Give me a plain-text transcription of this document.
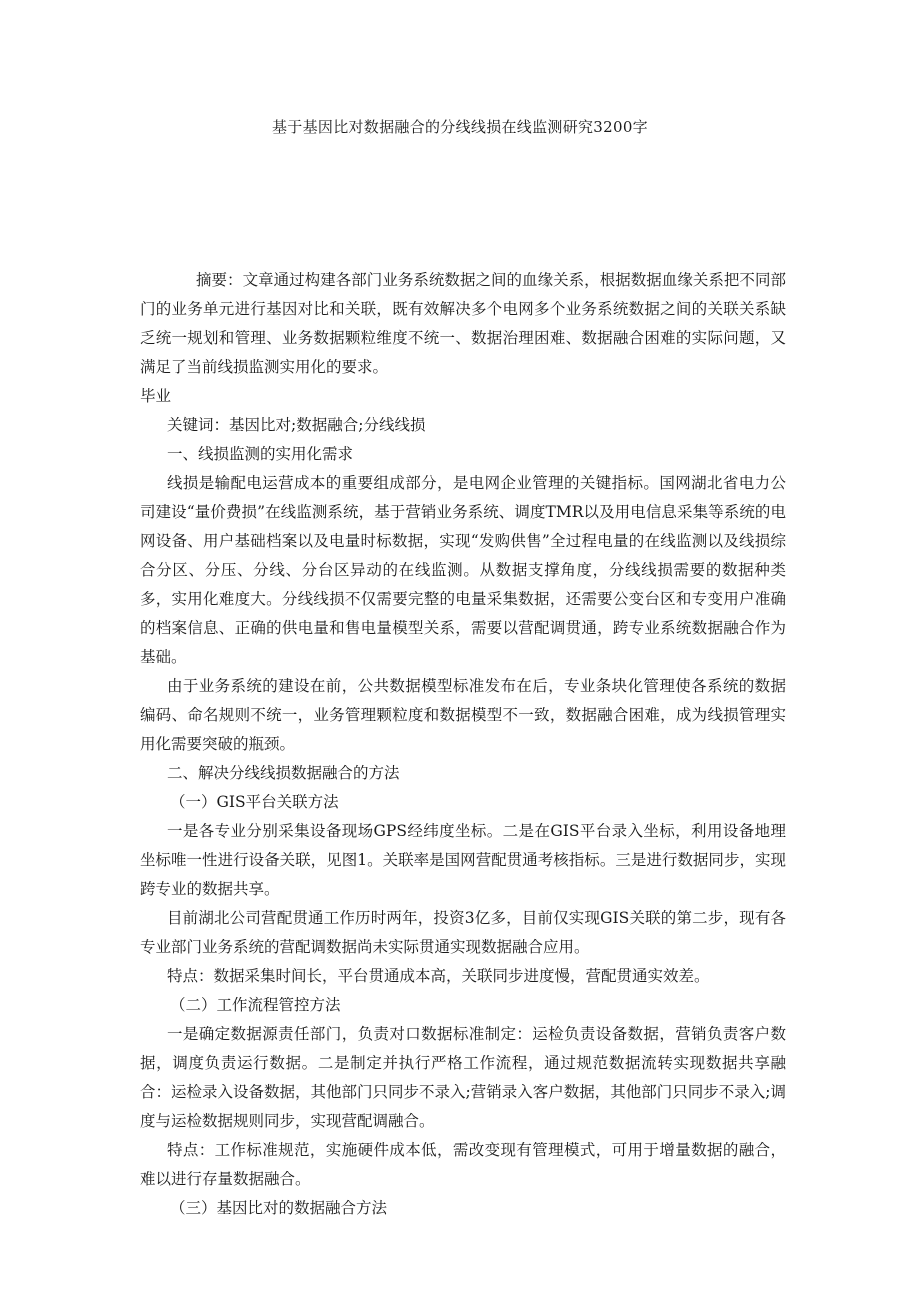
基于基因比对数据融合的分线线损在线监测研究3200字

摘要：文章通过构建各部门业务系统数据之间的血缘关系，根据数据血缘关系把不同部门的业务单元进行基因对比和关联，既有效解决多个电网多个业务系统数据之间的关联关系缺乏统一规划和管理、业务数据颗粒维度不统一、数据治理困难、数据融合困难的实际问题，又满足了当前线损监测实用化的要求。

毕业

关键词：基因比对;数据融合;分线线损

一、线损监测的实用化需求

线损是输配电运营成本的重要组成部分，是电网企业管理的关键指标。国网湖北省电力公司建设“量价费损”在线监测系统，基于营销业务系统、调度TMR以及用电信息采集等系统的电网设备、用户基础档案以及电量时标数据，实现“发购供售”全过程电量的在线监测以及线损综合分区、分压、分线、分台区异动的在线监测。从数据支撑角度，分线线损需要的数据种类多，实用化难度大。分线线损不仅需要完整的电量采集数据，还需要公变台区和专变用户准确的档案信息、正确的供电量和售电量模型关系，需要以营配调贯通，跨专业系统数据融合作为基础。

由于业务系统的建设在前，公共数据模型标准发布在后，专业条块化管理使各系统的数据编码、命名规则不统一，业务管理颗粒度和数据模型不一致，数据融合困难，成为线损管理实用化需要突破的瓶颈。

二、解决分线线损数据融合的方法

（一）GIS平台关联方法

一是各专业分别采集设备现场GPS经纬度坐标。二是在GIS平台录入坐标，利用设备地理坐标唯一性进行设备关联，见图1。关联率是国网营配贯通考核指标。三是进行数据同步，实现跨专业的数据共享。

目前湖北公司营配贯通工作历时两年，投资3亿多，目前仅实现GIS关联的第二步，现有各专业部门业务系统的营配调数据尚未实际贯通实现数据融合应用。

特点：数据采集时间长，平台贯通成本高，关联同步进度慢，营配贯通实效差。

（二）工作流程管控方法

一是确定数据源责任部门，负责对口数据标准制定：运检负责设备数据，营销负责客户数据，调度负责运行数据。二是制定并执行严格工作流程，通过规范数据流转实现数据共享融合：运检录入设备数据，其他部门只同步不录入;营销录入客户数据，其他部门只同步不录入;调度与运检数据规则同步，实现营配调融合。

特点：工作标准规范，实施硬件成本低，需改变现有管理模式，可用于增量数据的融合，难以进行存量数据融合。

（三）基因比对的数据融合方法
